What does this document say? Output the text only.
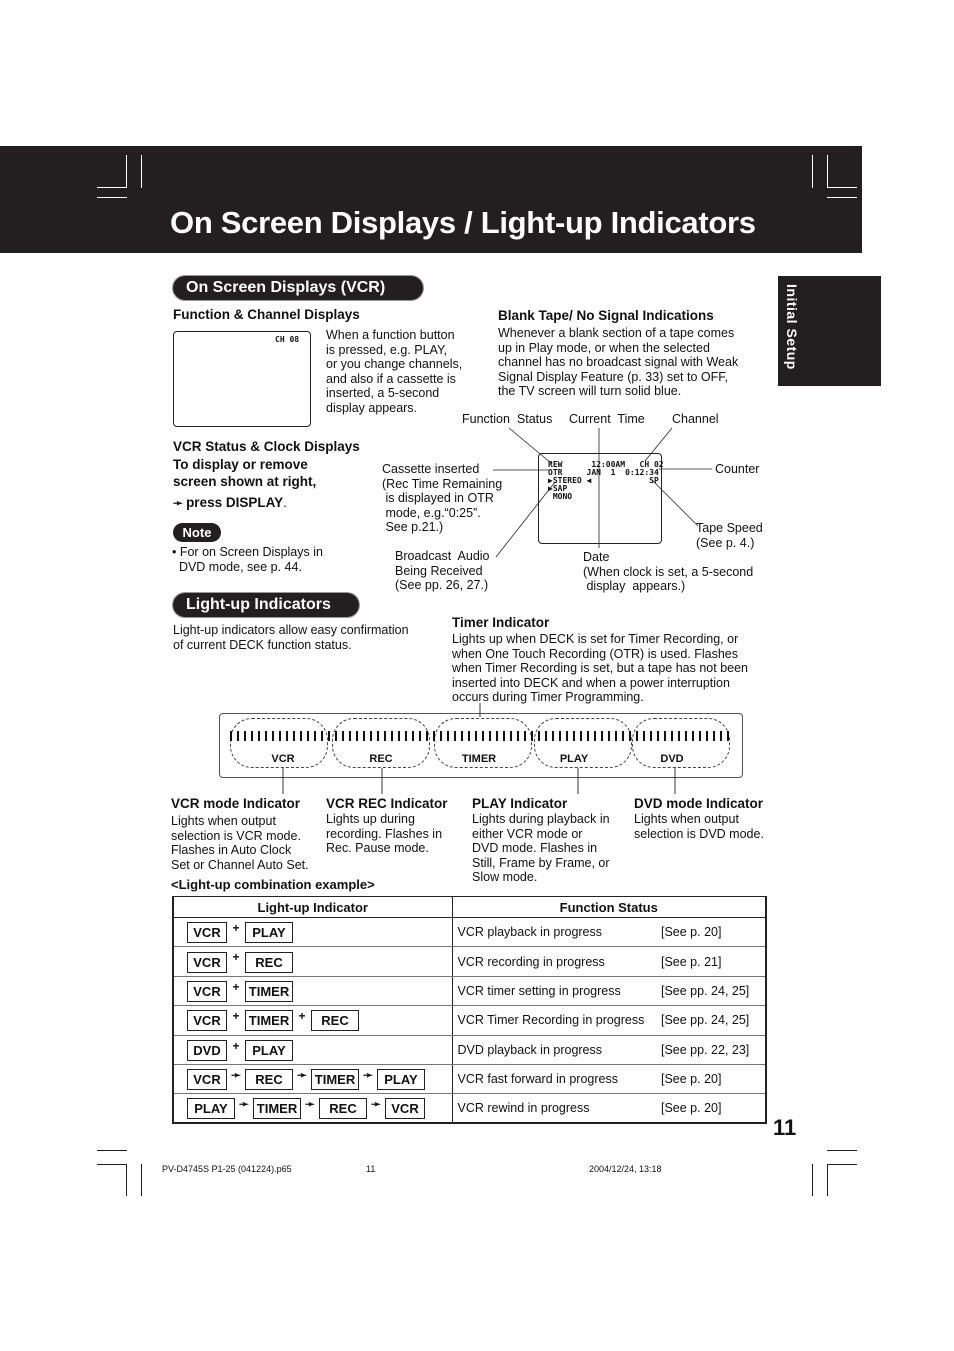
On Screen Displays / Light-up Indicators
Initial Setup
On Screen Displays (VCR)
Function & Channel Displays
CH 08 When a function button
is pressed, e.g. PLAY,
or you change channels,
and also if a cassette is
inserted, a 5-second
display appears.
Blank Tape/ No Signal Indications
Whenever a blank section of a tape comes
up in Play mode, or when the selected
channel has no broadcast signal with Weak
Signal Display Feature (p. 33) set to OFF,
the TV screen will turn solid blue.
VCR Status & Clock Displays
To display or remove
screen shown at right,
➛ press DISPLAY.
Note
• For on Screen Displays in
DVD mode, see p. 44.
Function  Status Current  Time Channel
Counter
Cassette inserted
(Rec Time Remaining
is displayed in OTR
mode, e.g.“0:25”.
See p.21.)	Tape Speed
(See p. 4.)
Broadcast  Audio
Being Received
(See pp. 26, 27.)
Date
(When clock is set, a 5-second
display  appears.)
REW      12:00AM   CH 02
OTR     JAN  1  0:12:34
▶STEREO ◀            SP
▶SAP
MONO
Light-up Indicators
Light-up indicators allow easy confirmation
of current DECK function status.
Timer Indicator
Lights up when DECK is set for Timer Recording, or
when One Touch Recording (OTR) is used. Flashes
when Timer Recording is set, but a tape has not been
inserted into DECK and when a power interruption
occurs during Timer Programming.
VCR	REC	TIMER	PLAY	DVD
VCR mode Indicator
Lights when output
selection is VCR mode.
Flashes in Auto Clock
Set or Channel Auto Set.
VCR REC Indicator
Lights up during
recording. Flashes in
Rec. Pause mode.
PLAY Indicator
Lights during playback in
either VCR mode or
DVD mode. Flashes in
Still, Frame by Frame, or
Slow mode.
DVD mode Indicator
Lights when output
selection is DVD mode.
<Light-up combination example>
Light-up Indicator	Function Status	
VCR + PLAY	VCR playback in progress	[See p. 20]
VCR + REC	VCR recording in progress	[See p. 21]
VCR + TIMER	VCR timer setting in progress	[See pp. 24, 25]
VCR + TIMER + REC	VCR Timer Recording in progress	[See pp. 24, 25]
DVD + PLAY	DVD playback in progress	[See pp. 22, 23]
VCR ➛ REC ➛ TIMER ➛ PLAY	VCR fast forward in progress	[See p. 20]
PLAY ➛ TIMER ➛ REC ➛ VCR	VCR rewind in progress	[See p. 20]
11
PV-D4745S P1-25 (041224).p65	11	2004/12/24, 13:18
